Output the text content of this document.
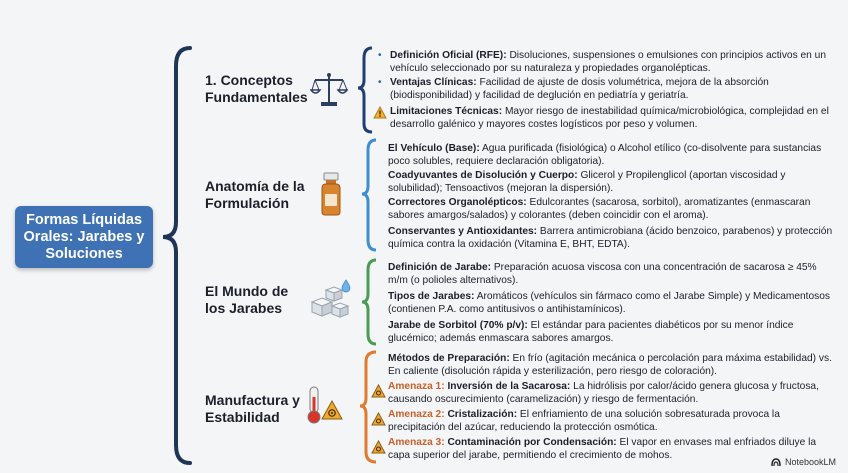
Formas Líquidas Orales: Jarabes y Soluciones
1. Conceptos Fundamentales
• Definición Oficial (RFE): Disoluciones, suspensiones o emulsiones con principios activos en un vehículo seleccionado por su naturaleza y propiedades organolépticas.
• Ventajas Clínicas: Facilidad de ajuste de dosis volumétrica, mejora de la absorción (biodisponibilidad) y facilidad de deglución en pediatría y geriatría.
Limitaciones Técnicas: Mayor riesgo de inestabilidad química/microbiológica, complejidad en el desarrollo galénico y mayores costes logísticos por peso y volumen.
Anatomía de la Formulación
El Vehículo (Base): Agua purificada (fisiológica) o Alcohol etílico (co-disolvente para sustancias poco solubles, requiere declaración obligatoria).
Coadyuvantes de Disolución y Cuerpo: Glicerol y Propilenglicol (aportan viscosidad y solubilidad); Tensoactivos (mejoran la dispersión).
Correctores Organolépticos: Edulcorantes (sacarosa, sorbitol), aromatizantes (enmascaran sabores amargos/salados) y colorantes (deben coincidir con el aroma).
Conservantes y Antioxidantes: Barrera antimicrobiana (ácido benzoico, parabenos) y protección química contra la oxidación (Vitamina E, BHT, EDTA).
El Mundo de los Jarabes
Definición de Jarabe: Preparación acuosa viscosa con una concentración de sacarosa ≥ 45% m/m (o polioles alternativos).
Tipos de Jarabes: Aromáticos (vehículos sin fármaco como el Jarabe Simple) y Medicamentosos (contienen P.A. como antitusivos o antihistamínicos).
Jarabe de Sorbitol (70% p/v): El estándar para pacientes diabéticos por su menor índice glucémico; además enmascara sabores amargos.
Manufactura y Estabilidad
Métodos de Preparación: En frío (agitación mecánica o percolación para máxima estabilidad) vs. En caliente (disolución rápida y esterilización, pero riesgo de coloración).
Amenaza 1: Inversión de la Sacarosa: La hidrólisis por calor/ácido genera glucosa y fructosa, causando oscurecimiento (caramelización) y riesgo de fermentación.
Amenaza 2: Cristalización: El enfriamiento de una solución sobresaturada provoca la precipitación del azúcar, reduciendo la protección osmótica.
Amenaza 3: Contaminación por Condensación: El vapor en envases mal enfriados diluye la capa superior del jarabe, permitiendo el crecimiento de mohos.
NotebookLM
